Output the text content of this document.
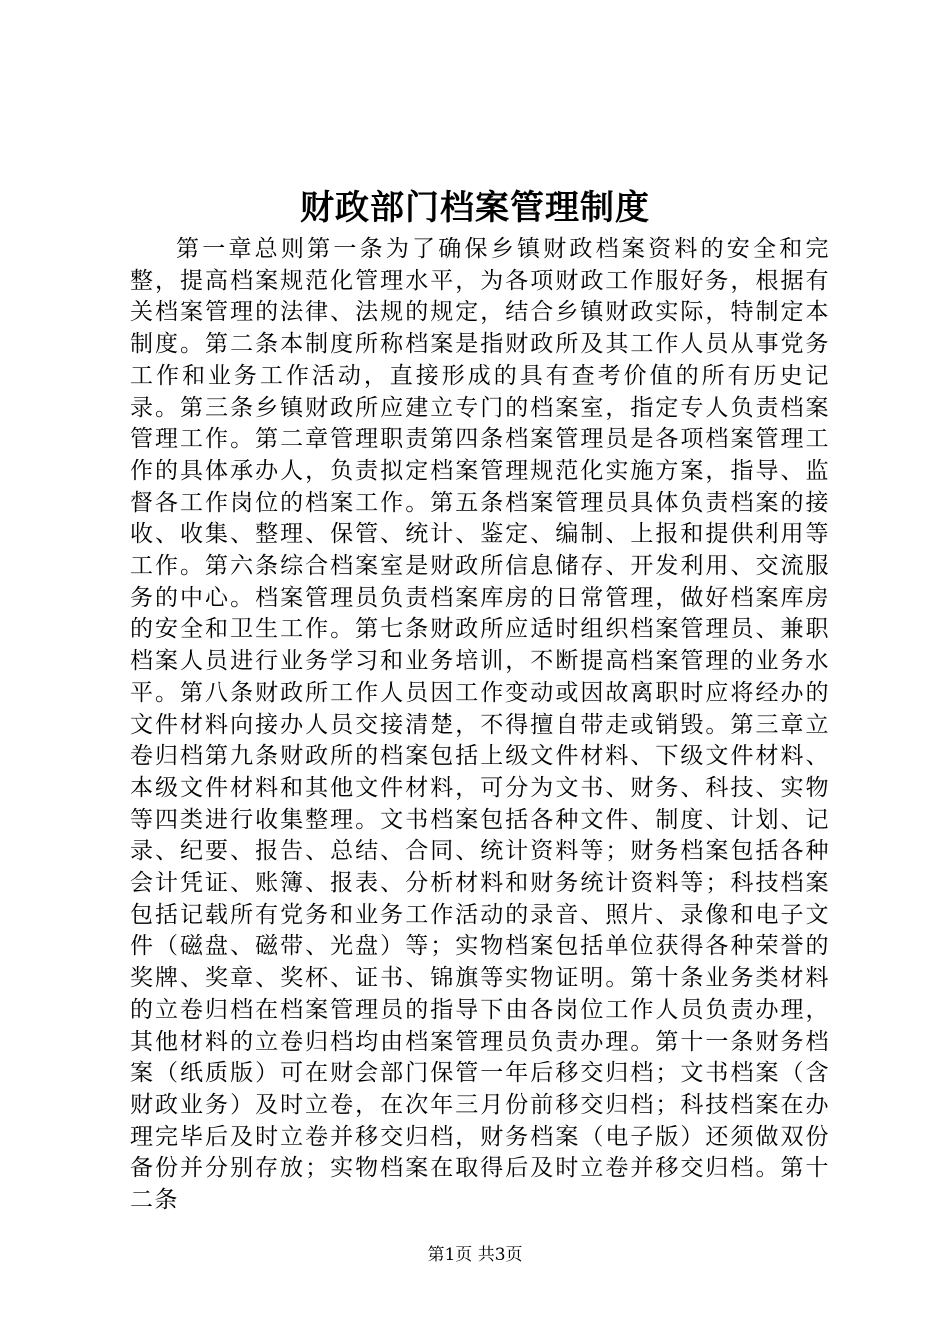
财政部门档案管理制度

第一章总则第一条为了确保乡镇财政档案资料的安全和完整，提高档案规范化管理水平，为各项财政工作服好务，根据有关档案管理的法律、法规的规定，结合乡镇财政实际，特制定本制度。第二条本制度所称档案是指财政所及其工作人员从事党务工作和业务工作活动，直接形成的具有查考价值的所有历史记录。第三条乡镇财政所应建立专门的档案室，指定专人负责档案管理工作。第二章管理职责第四条档案管理员是各项档案管理工作的具体承办人，负责拟定档案管理规范化实施方案，指导、监督各工作岗位的档案工作。第五条档案管理员具体负责档案的接收、收集、整理、保管、统计、鉴定、编制、上报和提供利用等工作。第六条综合档案室是财政所信息储存、开发利用、交流服务的中心。档案管理员负责档案库房的日常管理，做好档案库房的安全和卫生工作。第七条财政所应适时组织档案管理员、兼职档案人员进行业务学习和业务培训，不断提高档案管理的业务水平。第八条财政所工作人员因工作变动或因故离职时应将经办的文件材料向接办人员交接清楚，不得擅自带走或销毁。第三章立卷归档第九条财政所的档案包括上级文件材料、下级文件材料、本级文件材料和其他文件材料，可分为文书、财务、科技、实物等四类进行收集整理。文书档案包括各种文件、制度、计划、记录、纪要、报告、总结、合同、统计资料等；财务档案包括各种会计凭证、账簿、报表、分析材料和财务统计资料等；科技档案包括记载所有党务和业务工作活动的录音、照片、录像和电子文件（磁盘、磁带、光盘）等；实物档案包括单位获得各种荣誉的奖牌、奖章、奖杯、证书、锦旗等实物证明。第十条业务类材料的立卷归档在档案管理员的指导下由各岗位工作人员负责办理，其他材料的立卷归档均由档案管理员负责办理。第十一条财务档案（纸质版）可在财会部门保管一年后移交归档；文书档案（含财政业务）及时立卷，在次年三月份前移交归档；科技档案在办理完毕后及时立卷并移交归档，财务档案（电子版）还须做双份备份并分别存放；实物档案在取得后及时立卷并移交归档。第十二条

第1页 共3页
